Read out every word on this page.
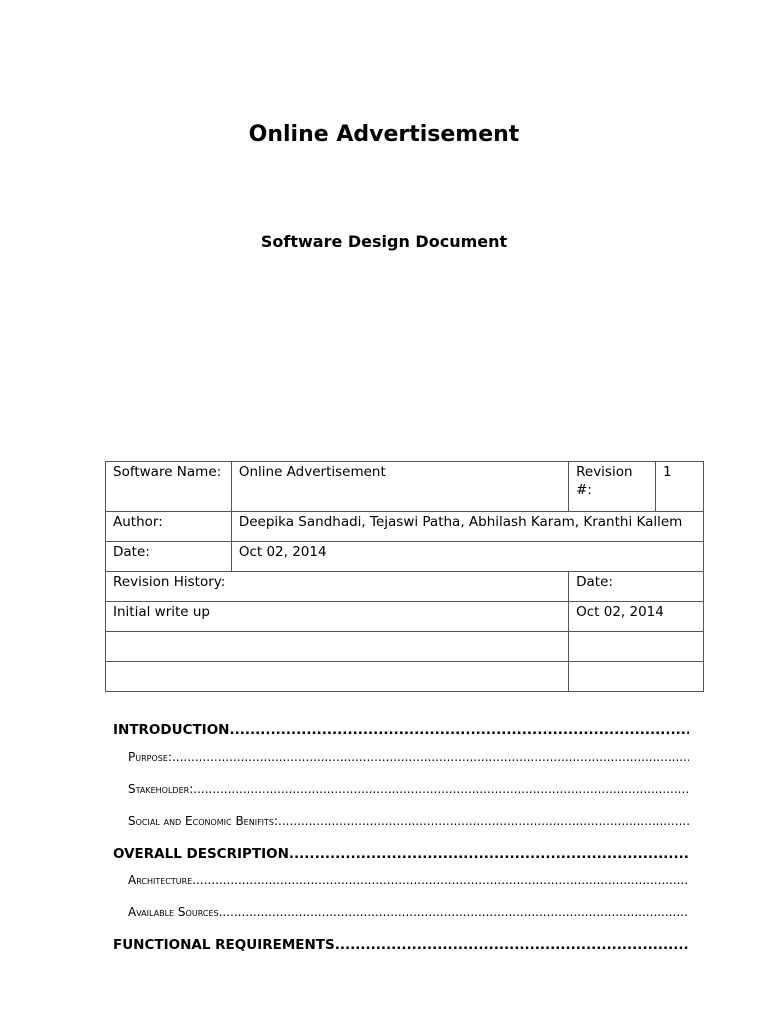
Online Advertisement
Software Design Document
Software Name:	Online Advertisement	Revision #:	1
Author:	Deepika Sandhadi, Tejaswi Patha, Abhilash Karam, Kranthi Kallem		
Date:	Oct 02, 2014		
Revision History:		Date:	
Initial write up		Oct 02, 2014	

INTRODUCTION
.....
Purpose:
.....
Stakeholder:
.....
Social and Economic Benifits:
.....
OVERALL DESCRIPTION
.....
Architecture
.....
Available Sources
.....
FUNCTIONAL REQUIREMENTS
.....
